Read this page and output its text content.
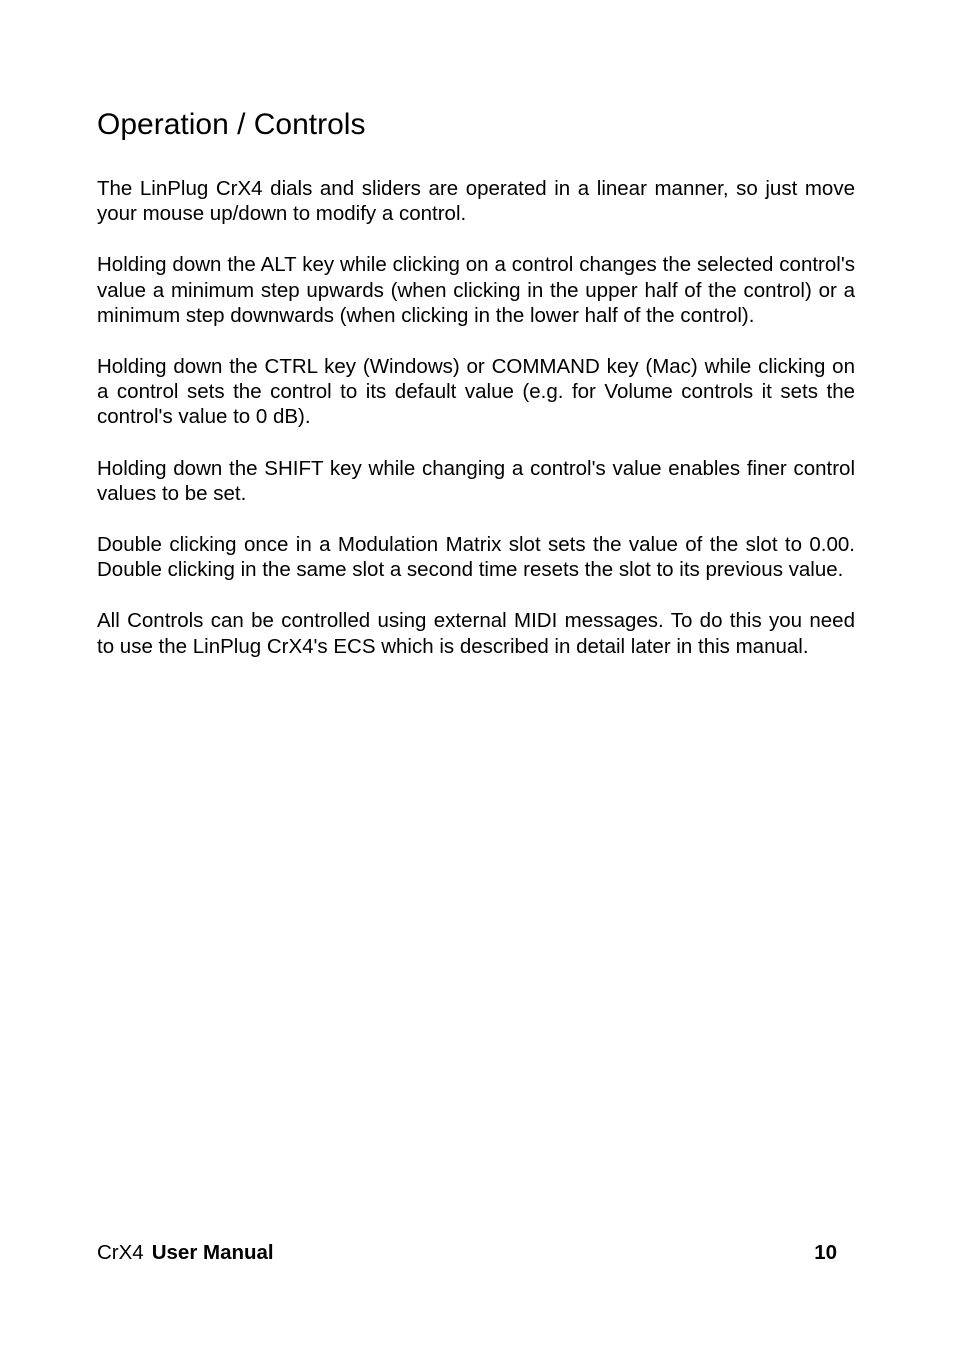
Operation / Controls

The LinPlug CrX4 dials and sliders are operated in a linear manner, so just move your mouse up/down to modify a control.

Holding down the ALT key while clicking on a control changes the selected control's value a minimum step upwards (when clicking in the upper half of the control) or a minimum step downwards (when clicking in the lower half of the control).

Holding down the CTRL key (Windows) or COMMAND key (Mac) while clicking on a control sets the control to its default value (e.g. for Volume controls it sets the control's value to 0 dB).

Holding down the SHIFT key while changing a control's value enables finer control values to be set.

Double clicking once in a Modulation Matrix slot sets the value of the slot to 0.00. Double clicking in the same slot a second time resets the slot to its previous value.

All Controls can be controlled using external MIDI messages. To do this you need to use the LinPlug CrX4's ECS which is described in detail later in this manual.

CrX4 User Manual	10
